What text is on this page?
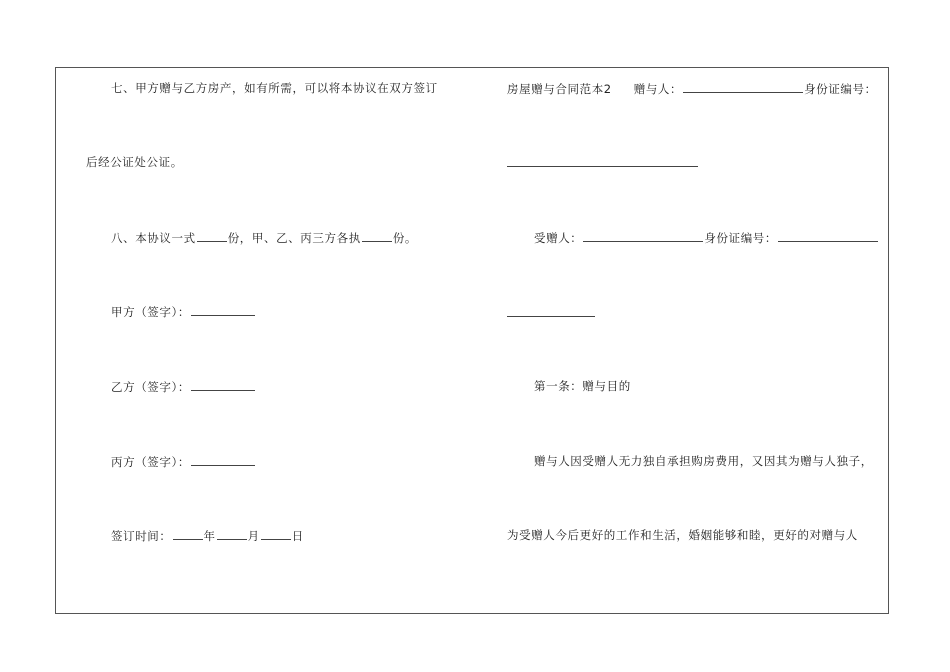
七、甲方赠与乙方房产，如有所需，可以将本协议在双方签订
后经公证处公证。
八、本协议一式	份，甲、乙、丙三方各执	份。
甲方（签字）：
乙方（签字）：
丙方（签字）：
签订时间：	年	月	日
房屋赠与合同范本2 赠与人：	身份证编号：
受赠人：	身份证编号：
第一条：赠与目的
赠与人因受赠人无力独自承担购房费用，又因其为赠与人独子，
为受赠人今后更好的工作和生活，婚姻能够和睦，更好的对赠与人
